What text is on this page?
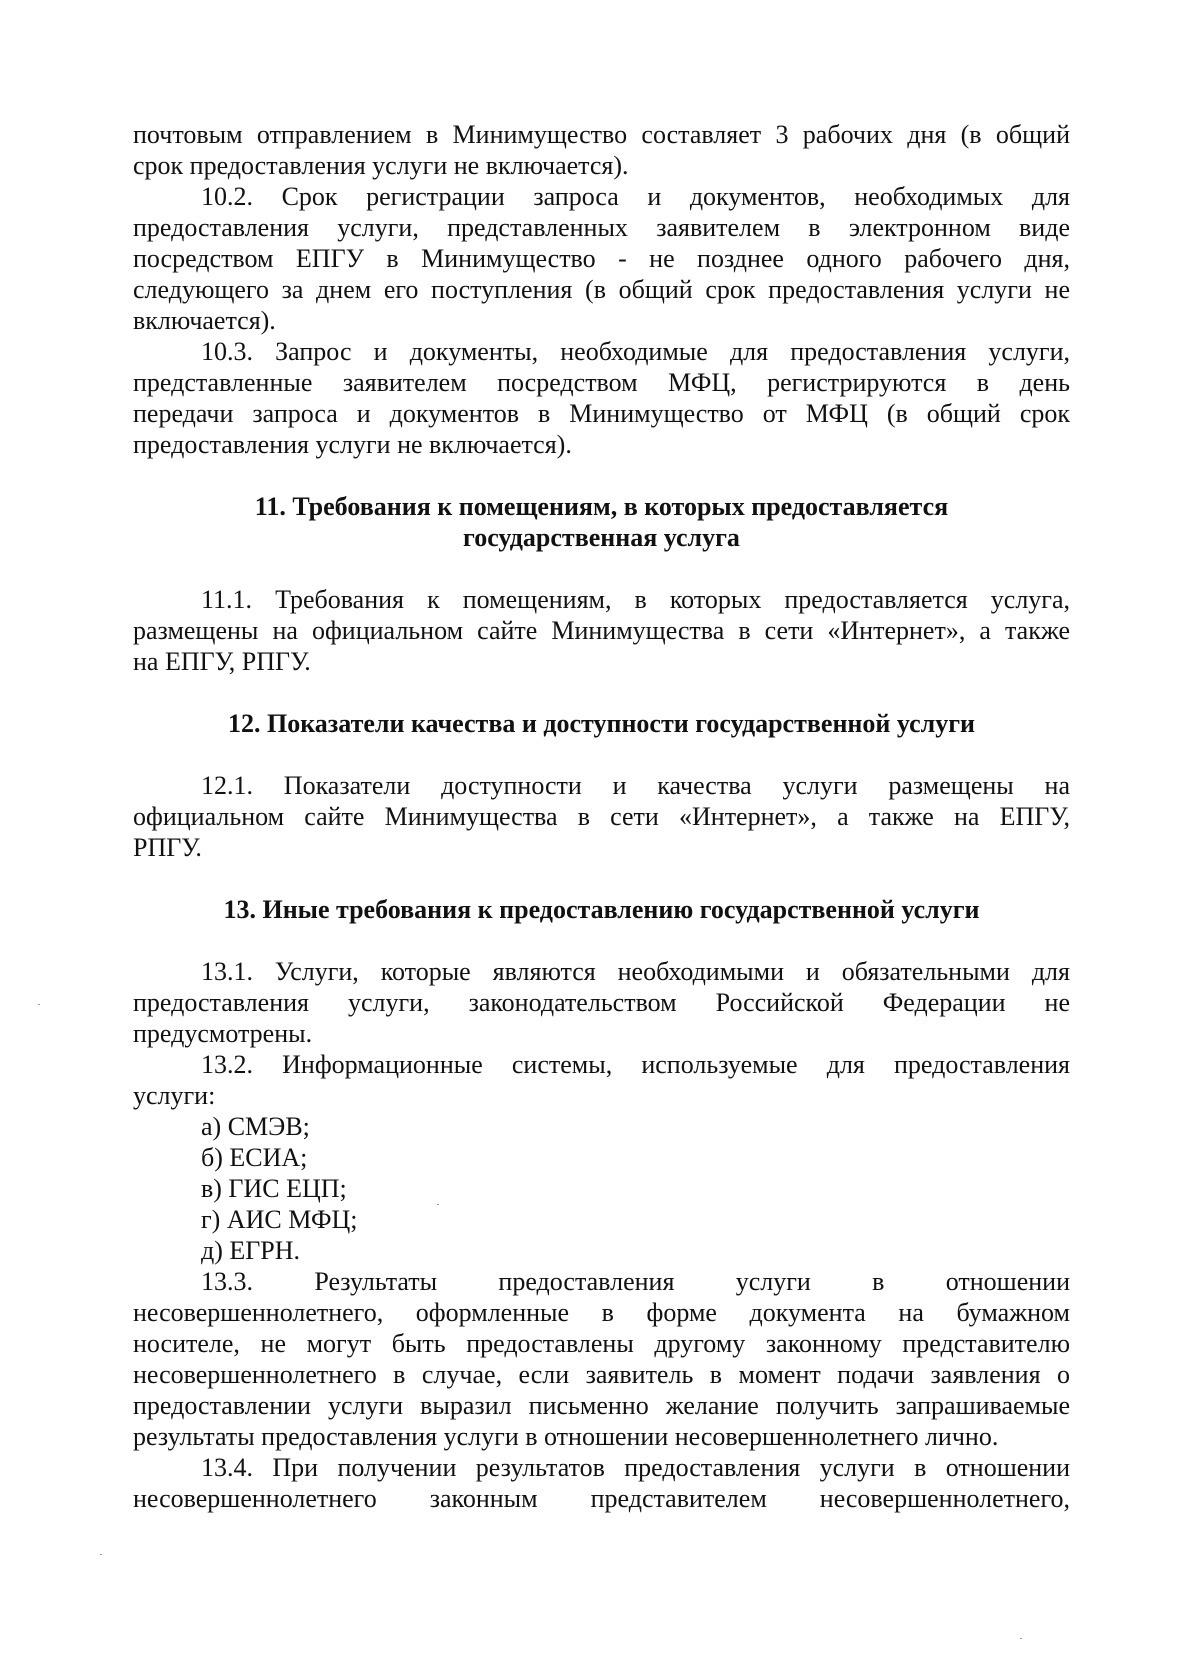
почтовым отправлением в Минимущество составляет 3 рабочих дня (в общий

срок предоставления услуги не включается).

10.2. Срок регистрации запроса и документов, необходимых для

предоставления услуги, представленных заявителем в электронном виде

посредством ЕПГУ в Минимущество - не позднее одного рабочего дня,

следующего за днем его поступления (в общий срок предоставления услуги не

включается).

10.3. Запрос и документы, необходимые для предоставления услуги,

представленные заявителем посредством МФЦ, регистрируются в день

передачи запроса и документов в Минимущество от МФЦ (в общий срок

предоставления услуги не включается).

11. Требования к помещениям, в которых предоставляется
государственная услуга

11.1. Требования к помещениям, в которых предоставляется услуга,

размещены на официальном сайте Минимущества в сети «Интернет», а также

на ЕПГУ, РПГУ.

12. Показатели качества и доступности государственной услуги

12.1. Показатели доступности и качества услуги размещены на

официальном сайте Минимущества в сети «Интернет», а также на ЕПГУ,

РПГУ.

13. Иные требования к предоставлению государственной услуги

13.1. Услуги, которые являются необходимыми и обязательными для

предоставления услуги, законодательством Российской Федерации не

предусмотрены.

13.2. Информационные системы, используемые для предоставления

услуги:

а) СМЭВ;

б) ЕСИА;

в) ГИС ЕЦП;

г) АИС МФЦ;

д) ЕГРН.

13.3. Результаты предоставления услуги в отношении

несовершеннолетнего, оформленные в форме документа на бумажном

носителе, не могут быть предоставлены другому законному представителю

несовершеннолетнего в случае, если заявитель в момент подачи заявления о

предоставлении услуги выразил письменно желание получить запрашиваемые

результаты предоставления услуги в отношении несовершеннолетнего лично.

13.4. При получении результатов предоставления услуги в отношении

несовершеннолетнего законным представителем несовершеннолетнего,
